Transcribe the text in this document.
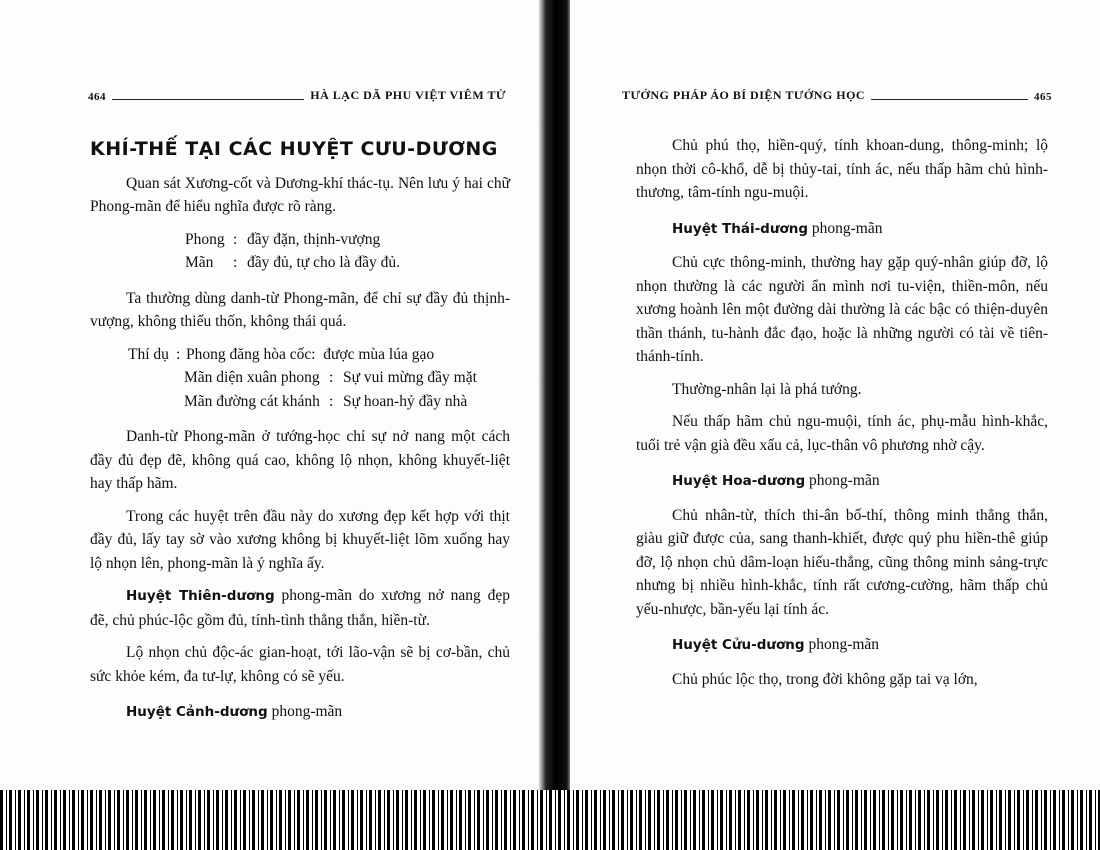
464	HÀ LẠC DÃ PHU VIỆT VIÊM TỬ
KHÍ-THẾ TẠI CÁC HUYỆT CƯU-DƯƠNG

Quan sát Xương-cốt và Dương-khí thác-tụ. Nên lưu ý hai chữ Phong-mãn để hiểu nghĩa được rõ ràng.

Phong : đầy đặn, thịnh-vượng
Mãn	: đầy đủ, tự cho là đầy đủ.

Ta thường dùng danh-từ Phong-mãn, để chỉ sự đầy đủ thịnh-vượng, không thiếu thốn, không thái quá.

Thí dụ : Phong đăng hòa cốc : được mùa lúa gạo
Mãn diện xuân phong : Sự vui mừng đầy mặt
Mãn đường cát khánh : Sự hoan-hỷ đầy nhà

Danh-từ Phong-mãn ở tướng-học chỉ sự nở nang một cách đầy đủ đẹp đẽ, không quá cao, không lộ nhọn, không khuyết-liệt hay thấp hãm.

Trong các huyệt trên đầu này do xương đẹp kết hợp với thịt đầy đủ, lấy tay sờ vào xương không bị khuyết-liệt lõm xuống hay lộ nhọn lên, phong-mãn là ý nghĩa ấy.

Huyệt Thiên-dương phong-mãn do xương nở nang đẹp đẽ, chủ phúc-lộc gồm đủ, tính-tình thẳng thắn, hiền-từ.

Lộ nhọn chủ độc-ác gian-hoạt, tới lão-vận sẽ bị cơ-bần, chủ sức khỏe kém, đa tư-lự, không có sẽ yếu.

Huyệt Cảnh-dương phong-mãn
TƯỚNG PHÁP ÁO BÍ DIỆN TƯỚNG HỌC	465

Chủ phú thọ, hiền-quý, tính khoan-dung, thông-minh; lộ nhọn thời cô-khổ, dễ bị thủy-tai, tính ác, nếu thấp hãm chủ hình-thương, tâm-tính ngu-muội.

Huyệt Thái-dương phong-mãn

Chủ cực thông-minh, thường hay gặp quý-nhân giúp đỡ, lộ nhọn thường là các người ẩn mình nơi tu-viện, thiền-môn, nếu xương hoành lên một đường dài thường là các bậc có thiện-duyên thần thánh, tu-hành đắc đạo, hoặc là những người có tài về tiên-thánh-tính.

Thường-nhân lại là phá tướng.

Nếu thấp hãm chủ ngu-muội, tính ác, phụ-mẫu hình-khắc, tuổi trẻ vận già đều xấu cả, lục-thân vô phương nhờ cậy.

Huyệt Hoa-dương phong-mãn

Chủ nhân-từ, thích thi-ân bố-thí, thông minh thẳng thắn, giàu giữ được của, sang thanh-khiết, được quý phu hiền-thê giúp đỡ, lộ nhọn chủ dâm-loạn hiếu-thắng, cũng thông minh sảng-trực nhưng bị nhiều hình-khắc, tính rất cương-cường, hãm thấp chủ yếu-nhược, bần-yếu lại tính ác.

Huyệt Cửu-dương phong-mãn

Chủ phúc lộc thọ, trong đời không gặp tai vạ lớn,
